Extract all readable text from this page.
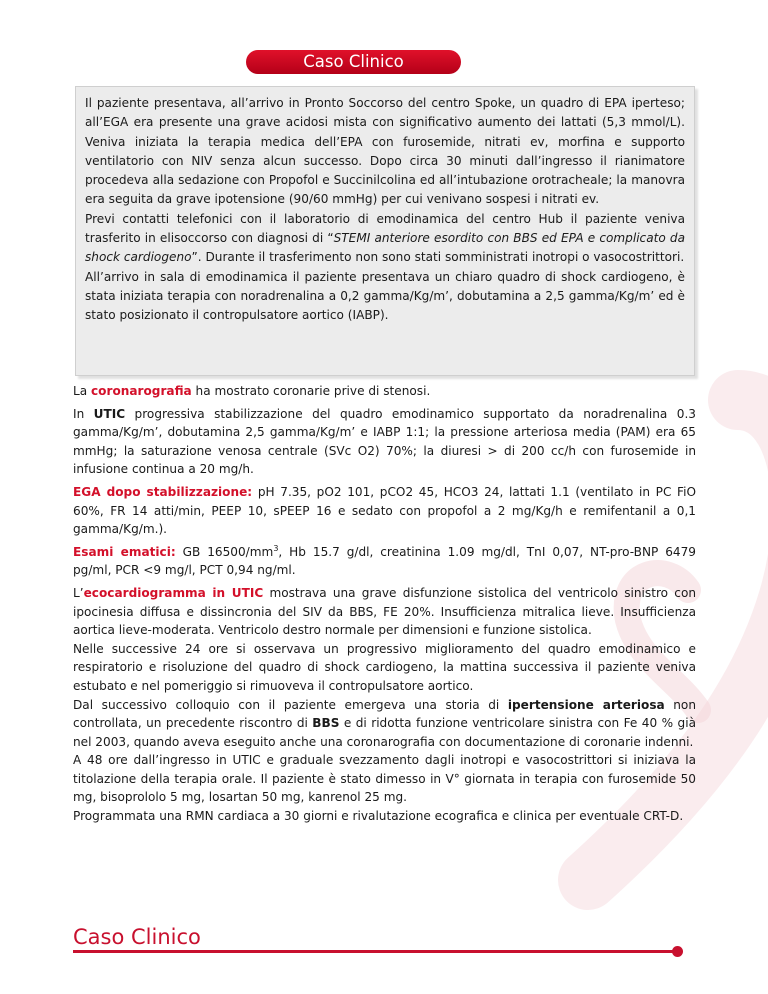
Caso Clinico

Il paziente presentava, all’arrivo in Pronto Soccorso del centro Spoke, un quadro di EPA iperteso; all’EGA era presente una grave acidosi mista con significativo aumento dei lattati (5,3 mmol/L). Veniva iniziata la terapia medica dell’EPA con furosemide, nitrati ev, morfina e supporto ventilatorio con NIV senza alcun successo. Dopo circa 30 minuti dall’ingresso il rianimatore procedeva alla sedazione con Propofol e Succinilcolina ed all’intubazione orotracheale; la manovra era seguita da grave ipotensione (90/60 mmHg) per cui venivano sospesi i nitrati ev.

Previ contatti telefonici con il laboratorio di emodinamica del centro Hub il paziente veniva trasferito in elisoccorso con diagnosi di “STEMI anteriore esordito con BBS ed EPA e complicato da shock cardiogeno”. Durante il trasferimento non sono stati somministrati inotropi o vasocostrittori.

All’arrivo in sala di emodinamica il paziente presentava un chiaro quadro di shock cardiogeno, è stata iniziata terapia con noradrenalina a 0,2 gamma/Kg/m’, dobutamina a 2,5 gamma/Kg/m’ ed è stato posizionato il contropulsatore aortico (IABP).

La coronarografia ha mostrato coronarie prive di stenosi.

In UTIC progressiva stabilizzazione del quadro emodinamico supportato da noradrenalina 0.3 gamma/Kg/m’, dobutamina 2,5 gamma/Kg/m’ e IABP 1:1; la pressione arteriosa media (PAM) era 65 mmHg; la saturazione venosa centrale (SVc O2) 70%; la diuresi > di 200 cc/h con furosemide in infusione continua a 20 mg/h.

EGA dopo stabilizzazione: pH 7.35, pO2 101, pCO2 45, HCO3 24, lattati 1.1 (ventilato in PC FiO 60%, FR 14 atti/min, PEEP 10, sPEEP 16 e sedato con propofol a 2 mg/Kg/h e remifentanil a 0,1 gamma/Kg/m.).

Esami ematici: GB $16500/mm^3$, Hb 15.7 g/dl, creatinina 1.09 mg/dl, TnI 0,07, NT-pro-BNP 6479 pg/ml, PCR <9 mg/l, PCT 0,94 ng/ml.

L’ecocardiogramma in UTIC mostrava una grave disfunzione sistolica del ventricolo sinistro con ipocinesia diffusa e dissincronia del SIV da BBS, FE 20%. Insufficienza mitralica lieve. Insufficienza aortica lieve-moderata. Ventricolo destro normale per dimensioni e funzione sistolica.

Nelle successive 24 ore si osservava un progressivo miglioramento del quadro emodinamico e respiratorio e risoluzione del quadro di shock cardiogeno, la mattina successiva il paziente veniva estubato e nel pomeriggio si rimuoveva il contropulsatore aortico.

Dal successivo colloquio con il paziente emergeva una storia di ipertensione arteriosa non controllata, un precedente riscontro di BBS e di ridotta funzione ventricolare sinistra con Fe 40 % già nel 2003, quando aveva eseguito anche una coronarografia con documentazione di coronarie indenni.

A 48 ore dall’ingresso in UTIC e graduale svezzamento dagli inotropi e vasocostrittori si iniziava la titolazione della terapia orale. Il paziente è stato dimesso in V° giornata in terapia con furosemide 50 mg, bisoprololo 5 mg, losartan 50 mg, kanrenol 25 mg.

Programmata una RMN cardiaca a 30 giorni e rivalutazione ecografica e clinica per eventuale CRT-D.

Caso Clinico
